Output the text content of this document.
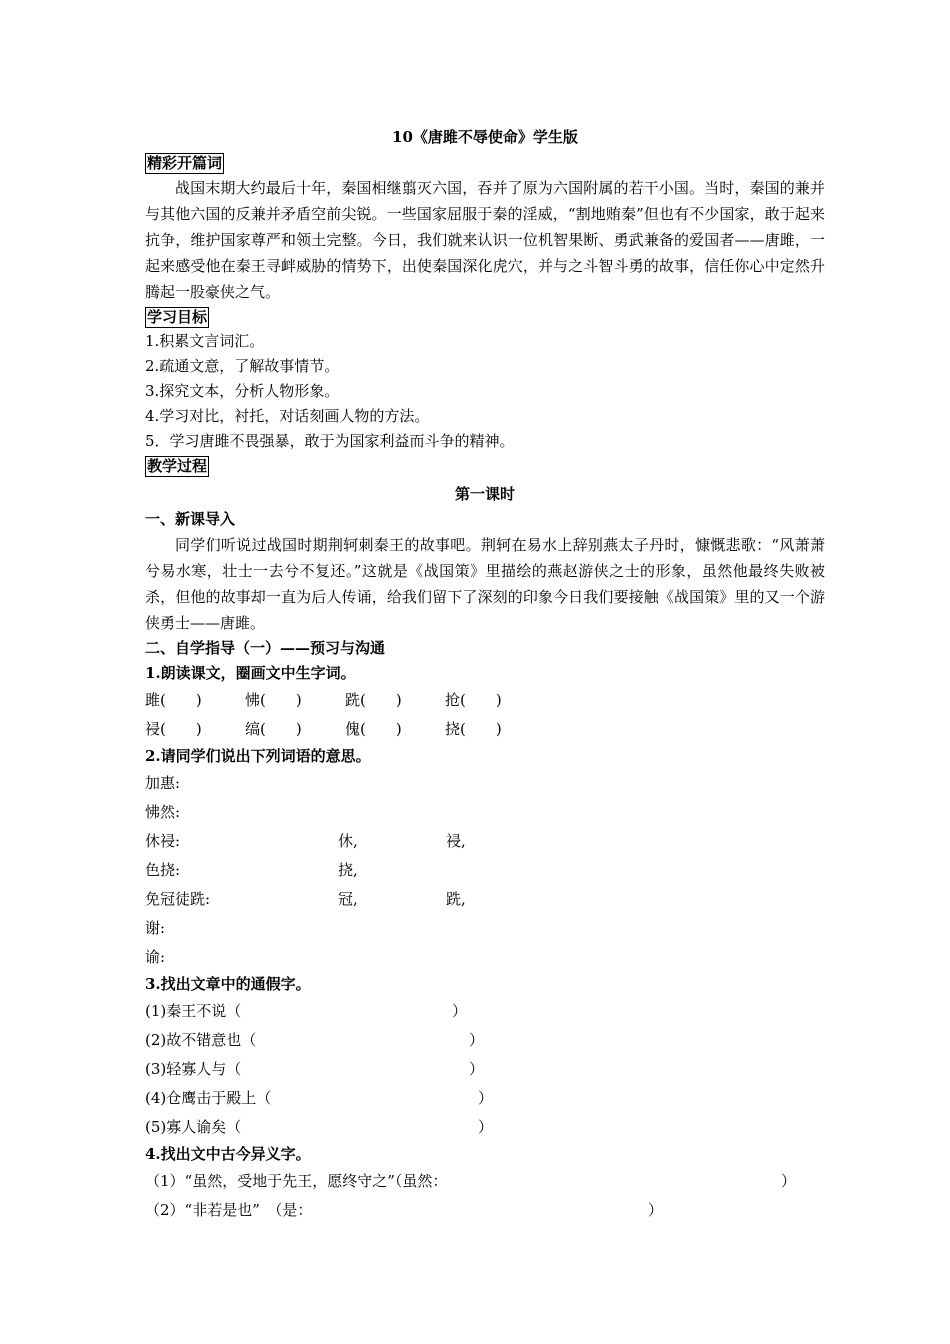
10《唐雎不辱使命》学生版
精彩开篇词

战国末期大约最后十年，秦国相继翦灭六国，吞并了原为六国附属的若干小国。当时，秦国的兼并与其他六国的反兼并矛盾空前尖锐。一些国家屈服于秦的淫威，“割地贿秦”但也有不少国家，敢于起来抗争，维护国家尊严和领土完整。今日，我们就来认识一位机智果断、勇武兼备的爱国者——唐雎，一起来感受他在秦王寻衅威胁的情势下，出使秦国深化虎穴，并与之斗智斗勇的故事，信任你心中定然升腾起一股豪侠之气。

学习目标
1.积累文言词汇。
2.疏通文意，了解故事情节。
3.探究文本，分析人物形象。
4.学习对比，衬托，对话刻画人物的方法。
5．学习唐雎不畏强暴，敢于为国家利益而斗争的精神。
教学过程
第一课时
一、新课导入

同学们听说过战国时期荆轲刺秦王的故事吧。荆轲在易水上辞别燕太子丹时，慷慨悲歌：“风萧萧兮易水寒，壮士一去兮不复还。”这就是《战国策》里描绘的燕赵游侠之士的形象，虽然他最终失败被杀，但他的故事却一直为后人传诵，给我们留下了深刻的印象今日我们要接触《战国策》里的又一个游侠勇士——唐雎。

二、自学指导（一）——预习与沟通
1.朗读课文，圈画文中生字词。
雎(　　)	怫(　　)	跣(　　)	抢(　　)
祲(　　)	缟(　　)	傀(　　)	挠(　　)
2.请同学们说出下列词语的意思。
加惠:
怫然:
休祲:	休,	祲,
色挠:	挠,
免冠徒跣:	冠,	跣,
谢:
谕:
3.找出文章中的通假字。
(1)秦王不说（	）
(2)故不错意也（	）
(3)轻寡人与（	）
(4)仓鹰击于殿上（	）
(5)寡人谕矣（	）
4.找出文中古今异义字。
（1）“虽然，受地于先王，愿终守之”（虽然：	）
（2）“非若是也”　（是：	）
